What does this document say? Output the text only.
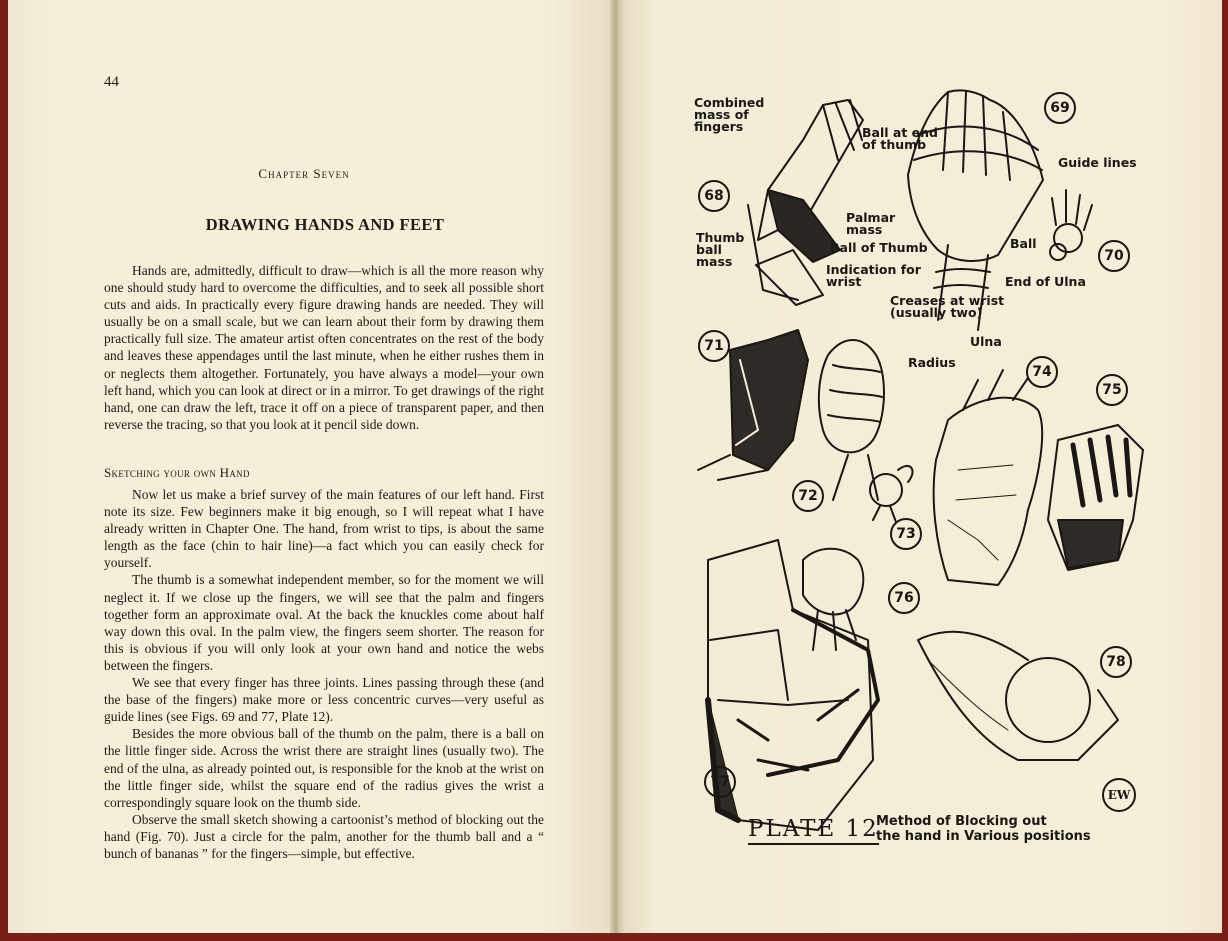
44
Chapter Seven
DRAWING HANDS AND FEET

Hands are, admittedly, difficult to draw—which is all the more reason why one should study hard to overcome the difficulties, and to seek all possible short cuts and aids. In practically every figure drawing hands are needed. They will usually be on a small scale, but we can learn about their form by drawing them practically full size. The amateur artist often concentrates on the rest of the body and leaves these appendages until the last minute, when he either rushes them in or neglects them altogether. Fortunately, you have always a model—your own left hand, which you can look at direct or in a mirror. To get drawings of the right hand, one can draw the left, trace it off on a piece of transparent paper, and then reverse the tracing, so that you look at it pencil side down.

Sketching your own Hand

Now let us make a brief survey of the main features of our left hand. First note its size. Few beginners make it big enough, so I will repeat what I have already written in Chapter One. The hand, from wrist to tips, is about the same length as the face (chin to hair line)—a fact which you can easily check for yourself.

The thumb is a somewhat independent member, so for the moment we will neglect it. If we close up the fingers, we will see that the palm and fingers together form an approximate oval. At the back the knuckles come about half way down this oval. In the palm view, the fingers seem shorter. The reason for this is obvious if you will only look at your own hand and notice the webs between the fingers.

We see that every finger has three joints. Lines passing through these (and the base of the fingers) make more or less concentric curves—very useful as guide lines (see Figs. 69 and 77, Plate 12).

Besides the more obvious ball of the thumb on the palm, there is a ball on the little finger side. Across the wrist there are straight lines (usually two). The end of the ulna, as already pointed out, is responsible for the knob at the wrist on the little finger side, whilst the square end of the radius gives the wrist a correspondingly square look on the thumb side.

Observe the small sketch showing a cartoonist’s method of blocking out the hand (Fig. 70). Just a circle for the palm, another for the thumb ball and a “ bunch of bananas ” for the fingers—simple, but effective.

Combined
mass of
fingers	Ball at end
of thumb
Guide lines
Palmar
mass
Ball of Thumb	Ball
Thumb
ball
mass
Indication for
wrist	End of Ulna
Creases at wrist
(usually two)
Ulna
Radius
68
69
70
71
72
73
74
75
76
77
78
EW
PLATE 12
Method of Blocking out
the hand in Various positions
